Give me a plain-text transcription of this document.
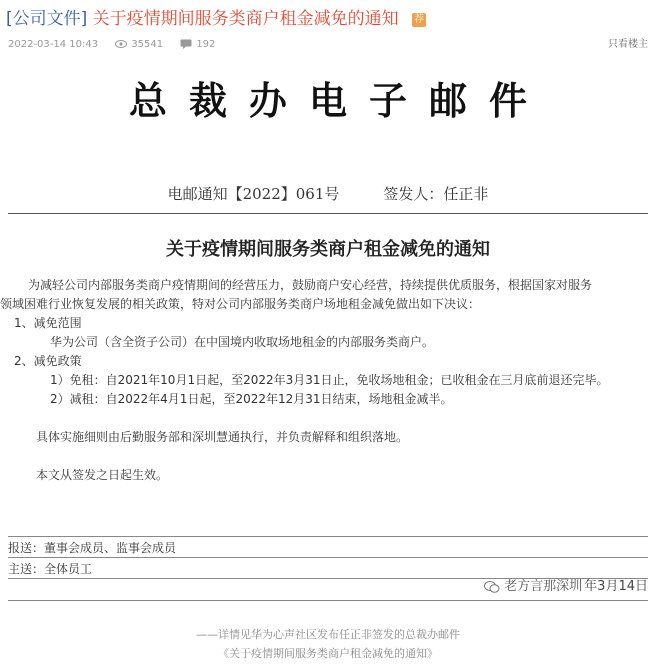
[公司文件] 关于疫情期间服务类商户租金减免的通知 荐
2022-03-14 10:43	35541	192	只看楼主
总裁办电子邮件
电邮通知【2022】061号	签发人：任正非
关于疫情期间服务类商户租金减免的通知

为减轻公司内部服务类商户疫情期间的经营压力，鼓励商户安心经营，持续提供优质服务，根据国家对服务

领域困难行业恢复发展的相关政策，特对公司内部服务类商户场地租金减免做出如下决议：

1、减免范围

华为公司（含全资子公司）在中国境内收取场地租金的内部服务类商户。

2、减免政策

1）免租：自2021年10月1日起，至2022年3月31日止，免收场地租金；已收租金在三月底前退还完毕。

2）减租：自2022年4月1日起，至2022年12月31日结束，场地租金减半。

具体实施细则由后勤服务部和深圳慧通执行，并负责解释和组织落地。

本文从签发之日起生效。

报送：董事会成员、监事会成员
主送：全体员工
老方言那深圳 年3月14日
——详情见华为心声社区发布任正非签发的总裁办邮件
《关于疫情期间服务类商户租金减免的通知》
